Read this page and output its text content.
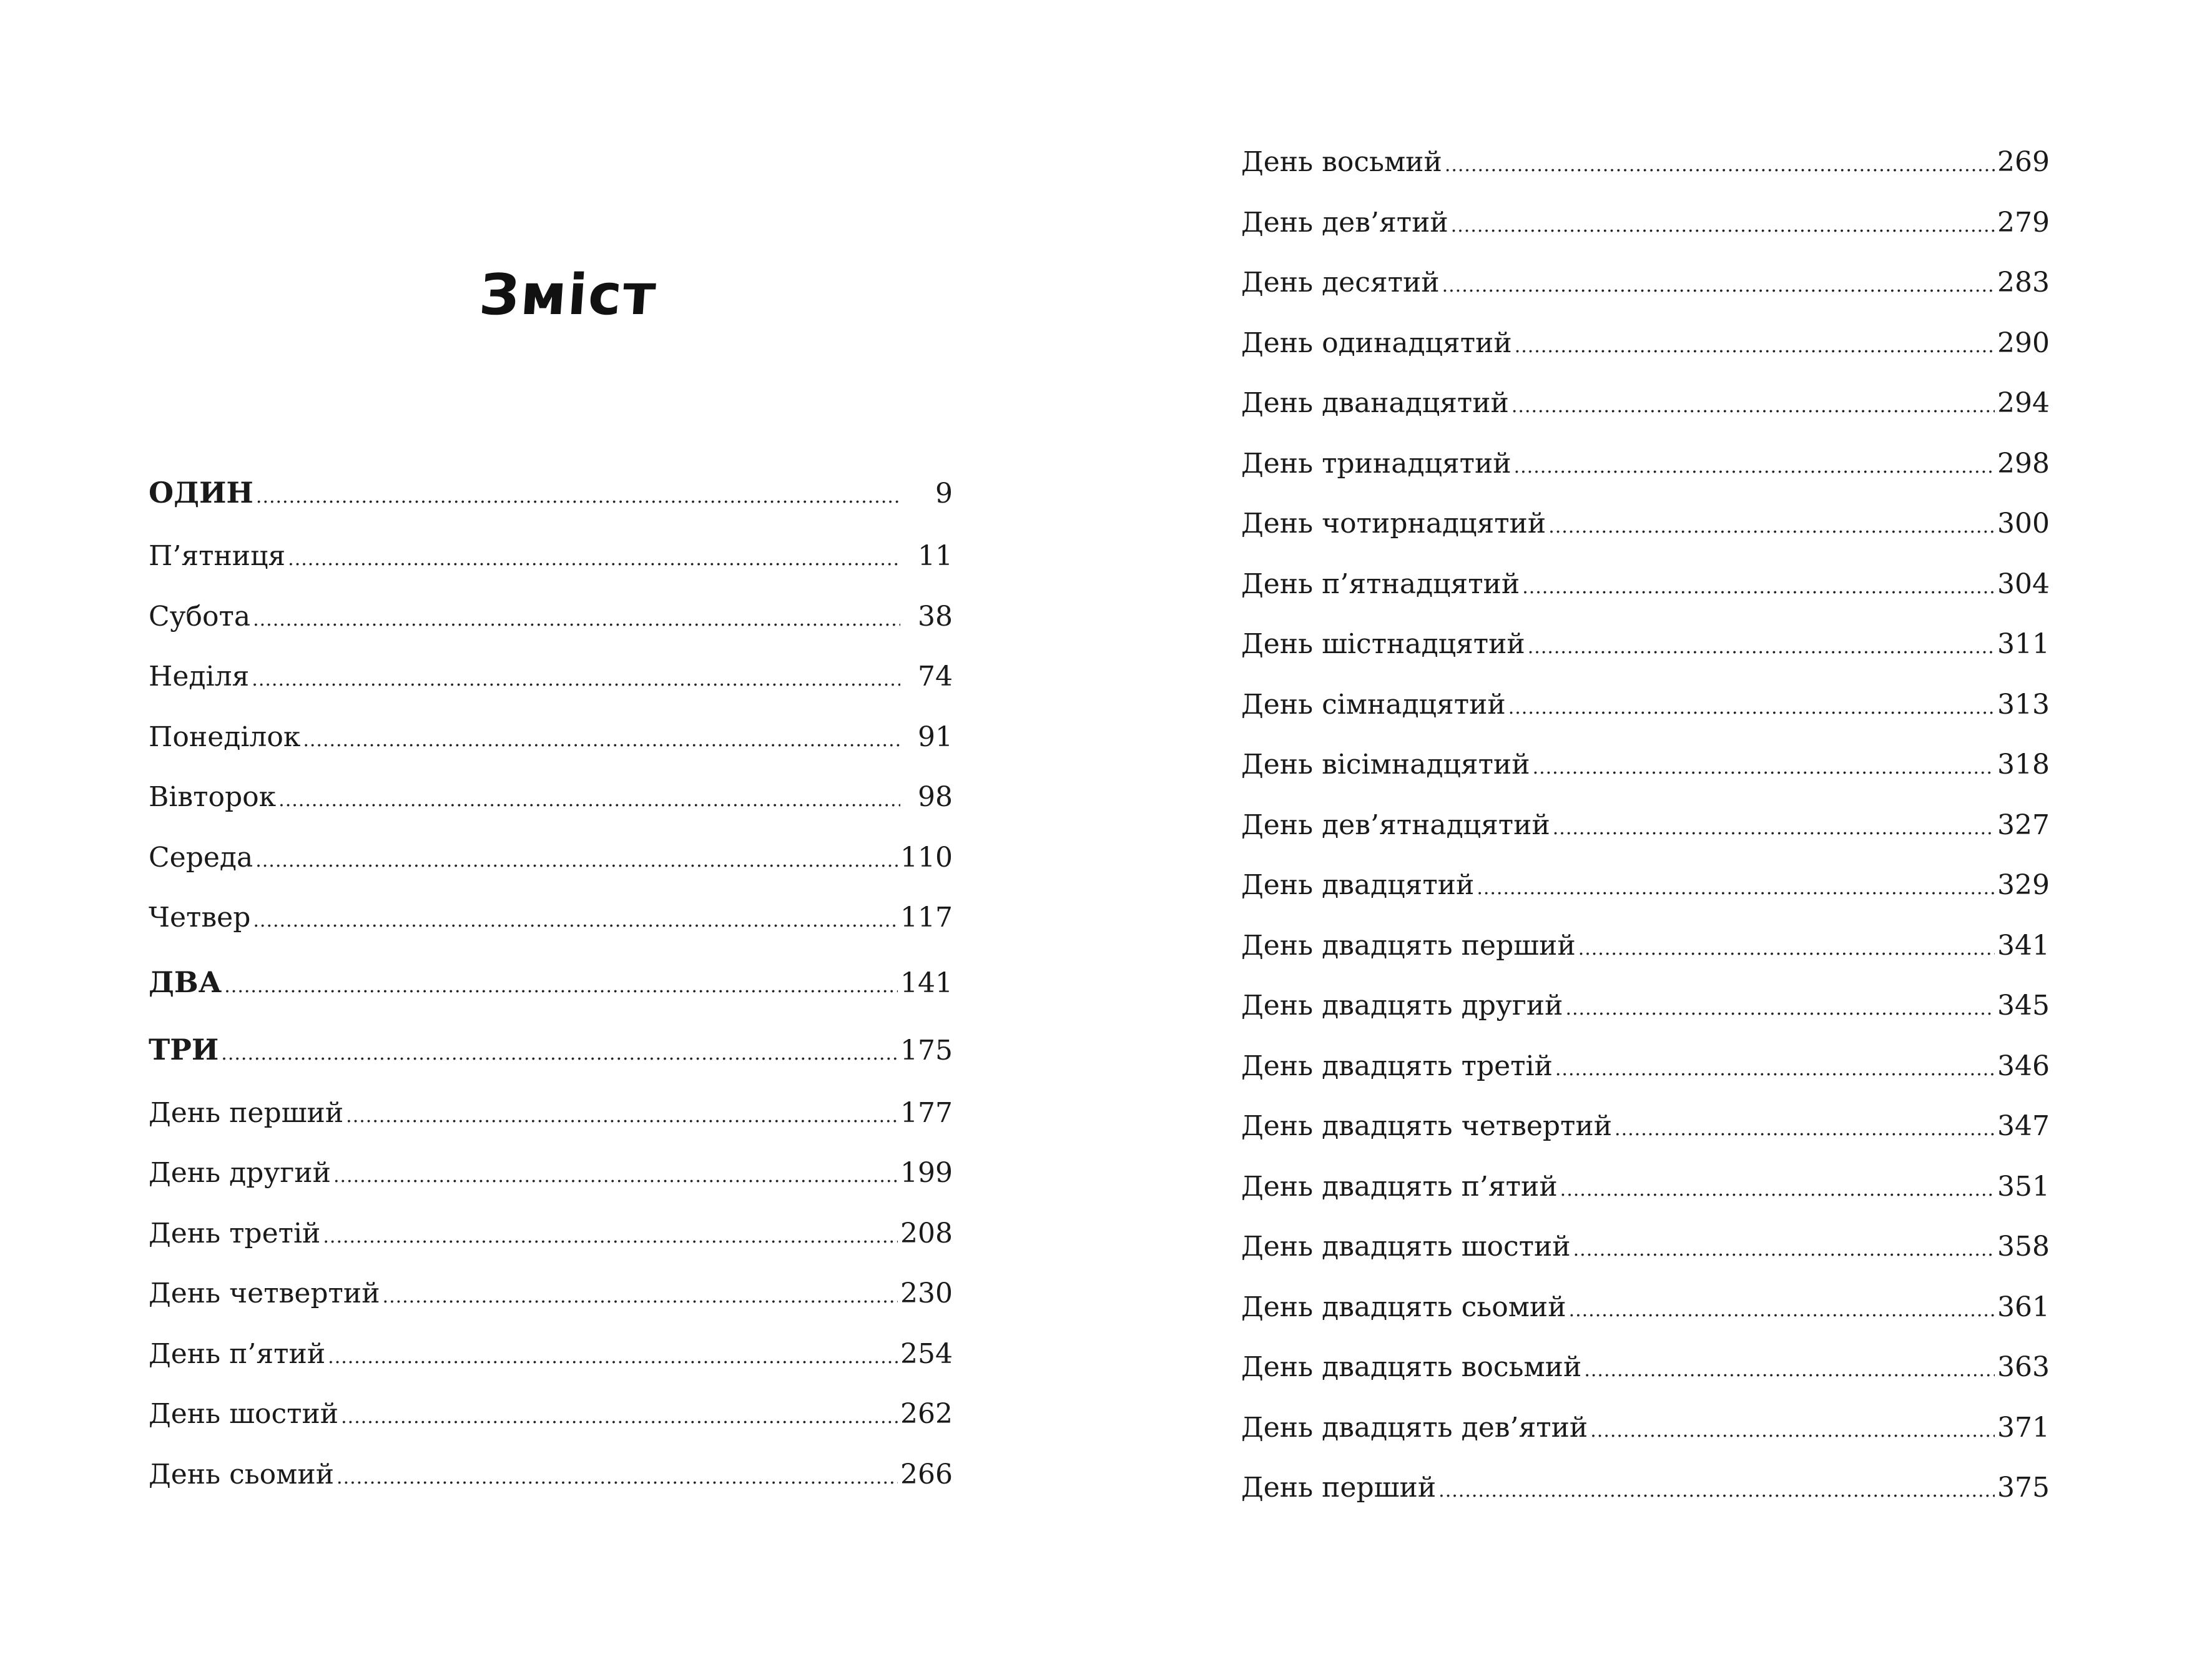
Зміст
ОДИН .....	9
П’ятниця .....	11
Субота .....	38
Неділя .....	74
Понеділок .....	91
Вівторок .....	98
Середа .....	110
Четвер .....	117
ДВА .....	141
ТРИ .....	175
День перший .....	177
День другий .....	199
День третій .....	208
День четвертий .....	230
День п’ятий .....	254
День шостий .....	262
День сьомий .....	266
День восьмий .....	269
День дев’ятий .....	279
День десятий .....	283
День одинадцятий .....	290
День дванадцятий .....	294
День тринадцятий .....	298
День чотирнадцятий .....	300
День п’ятнадцятий .....	304
День шістнадцятий .....	311
День сімнадцятий .....	313
День вісімнадцятий .....	318
День дев’ятнадцятий .....	327
День двадцятий .....	329
День двадцять перший .....	341
День двадцять другий .....	345
День двадцять третій .....	346
День двадцять четвертий .....	347
День двадцять п’ятий .....	351
День двадцять шостий .....	358
День двадцять сьомий .....	361
День двадцять восьмий .....	363
День двадцять дев’ятий .....	371
День перший .....	375
